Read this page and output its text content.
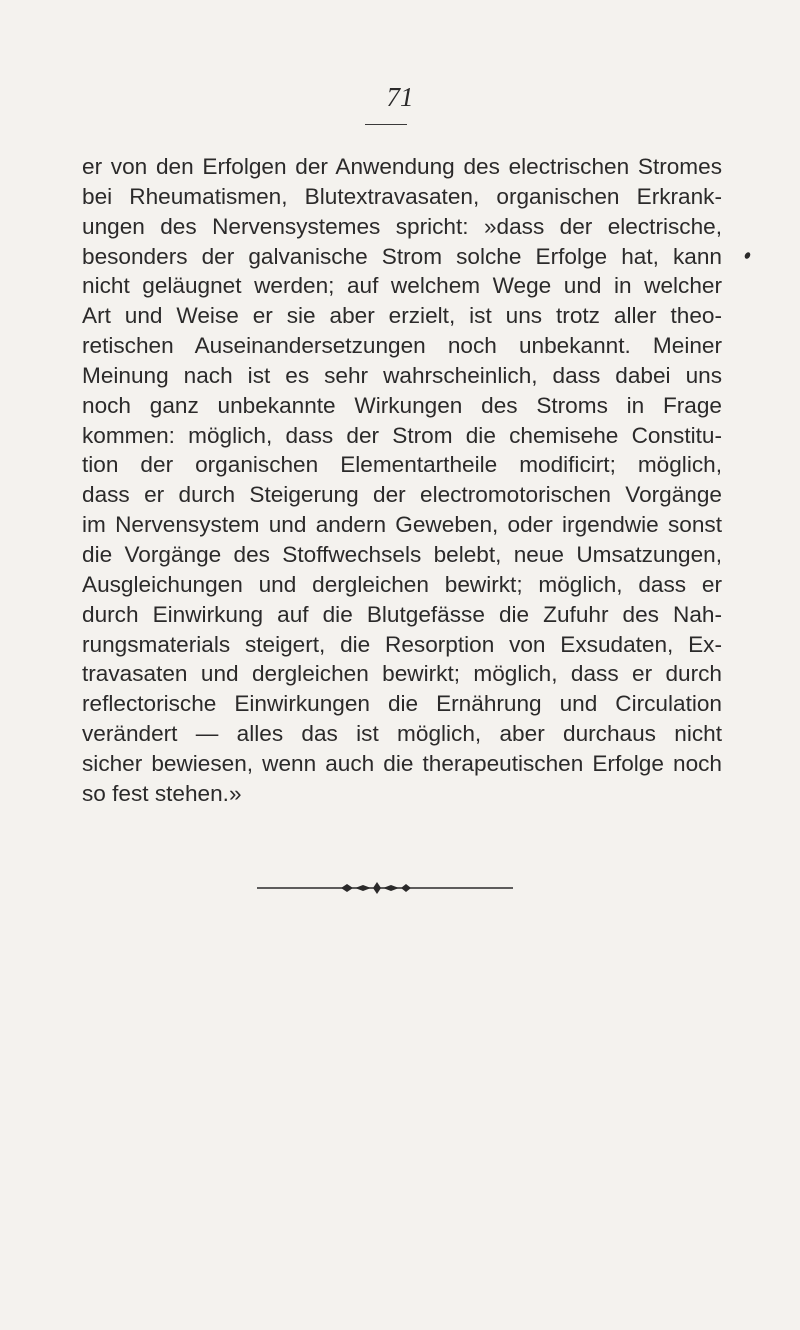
71
er von den Erfolgen der Anwendung des electrischen Stromes
bei Rheumatismen, Blutextravasaten, organischen Erkrank-
ungen des Nervensystemes spricht: »dass der electrische,
besonders der galvanische Strom solche Erfolge hat, kann
nicht geläugnet werden; auf welchem Wege und in welcher
Art und Weise er sie aber erzielt, ist uns trotz aller theo-
retischen Auseinandersetzungen noch unbekannt. Meiner
Meinung nach ist es sehr wahrscheinlich, dass dabei uns
noch ganz unbekannte Wirkungen des Stroms in Frage
kommen: möglich, dass der Strom die chemisehe Constitu-
tion der organischen Elementartheile modificirt; möglich,
dass er durch Steigerung der electromotorischen Vorgänge
im Nervensystem und andern Geweben, oder irgendwie sonst
die Vorgänge des Stoffwechsels belebt, neue Umsatzungen,
Ausgleichungen und dergleichen bewirkt; möglich, dass er
durch Einwirkung auf die Blutgefässe die Zufuhr des Nah-
rungsmaterials steigert, die Resorption von Exsudaten, Ex-
travasaten und dergleichen bewirkt; möglich, dass er durch
reflectorische Einwirkungen die Ernährung und Circulation
verändert — alles das ist möglich, aber durchaus nicht
sicher bewiesen, wenn auch die therapeutischen Erfolge noch
so fest stehen.»
